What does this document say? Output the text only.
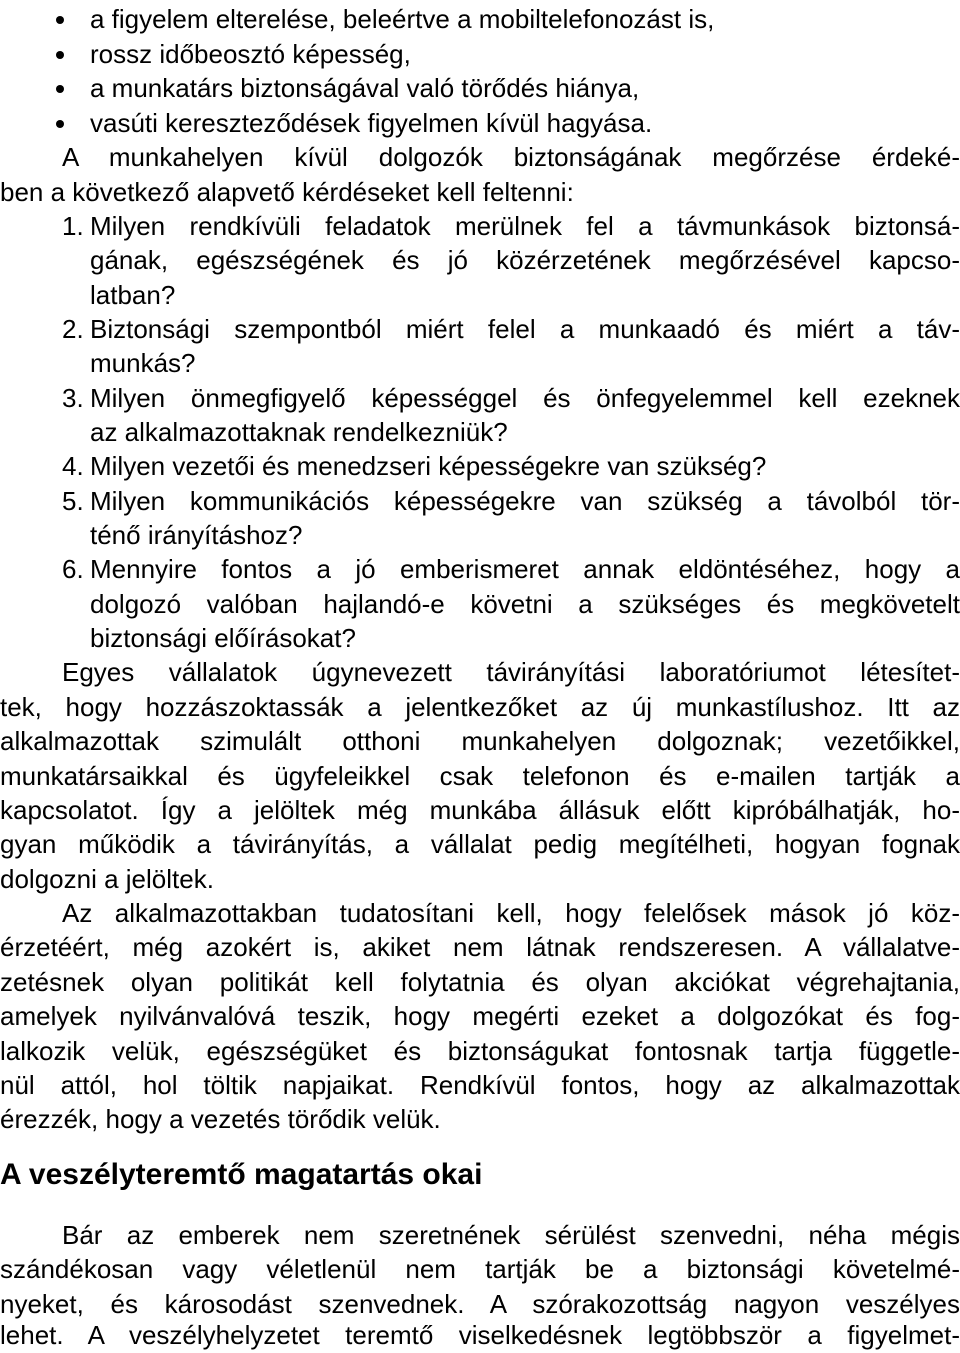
a figyelem elterelése, beleértve a mobiltelefonozást is,
rossz időbeosztó képesség,
a munkatárs biztonságával való törődés hiánya,
vasúti kereszteződések figyelmen kívül hagyása.
A munkahelyen kívül dolgozók biztonságának megőrzése érdeké-
ben a következő alapvető kérdéseket kell feltenni:
1. Milyen rendkívüli feladatok merülnek fel a távmunkások biztonsá-
gának, egészségének és jó közérzetének megőrzésével kapcso-
latban?
2. Biztonsági szempontból miért felel a munkaadó és miért a táv-
munkás?
3. Milyen önmegfigyelő képességgel és önfegyelemmel kell ezeknek
az alkalmazottaknak rendelkezniük?
4. Milyen vezetői és menedzseri képességekre van szükség?
5. Milyen kommunikációs képességekre van szükség a távolból tör-
ténő irányításhoz?
6. Mennyire fontos a jó emberismeret annak eldöntéséhez, hogy a
dolgozó valóban hajlandó-e követni a szükséges és megkövetelt
biztonsági előírásokat?
Egyes vállalatok úgynevezett távirányítási laboratóriumot létesítet-
tek, hogy hozzászoktassák a jelentkezőket az új munkastílushoz. Itt az
alkalmazottak szimulált otthoni munkahelyen dolgoznak; vezetőikkel,
munkatársaikkal és ügyfeleikkel csak telefonon és e-mailen tartják a
kapcsolatot. Így a jelöltek még munkába állásuk előtt kipróbálhatják, ho-
gyan működik a távirányítás, a vállalat pedig megítélheti, hogyan fognak
dolgozni a jelöltek.
Az alkalmazottakban tudatosítani kell, hogy felelősek mások jó köz-
érzetéért, még azokért is, akiket nem látnak rendszeresen. A vállalatve-
zetésnek olyan politikát kell folytatnia és olyan akciókat végrehajtania,
amelyek nyilvánvalóvá teszik, hogy megérti ezeket a dolgozókat és fog-
lalkozik velük, egészségüket és biztonságukat fontosnak tartja függetle-
nül attól, hol töltik napjaikat. Rendkívül fontos, hogy az alkalmazottak
érezzék, hogy a vezetés törődik velük.
A veszélyteremtő magatartás okai
Bár az emberek nem szeretnének sérülést szenvedni, néha mégis
szándékosan vagy véletlenül nem tartják be a biztonsági követelmé-
nyeket, és károsodást szenvednek. A szórakozottság nagyon veszélyes
lehet. A veszélyhelyzetet teremtő viselkedésnek legtöbbször a figyelmet-
